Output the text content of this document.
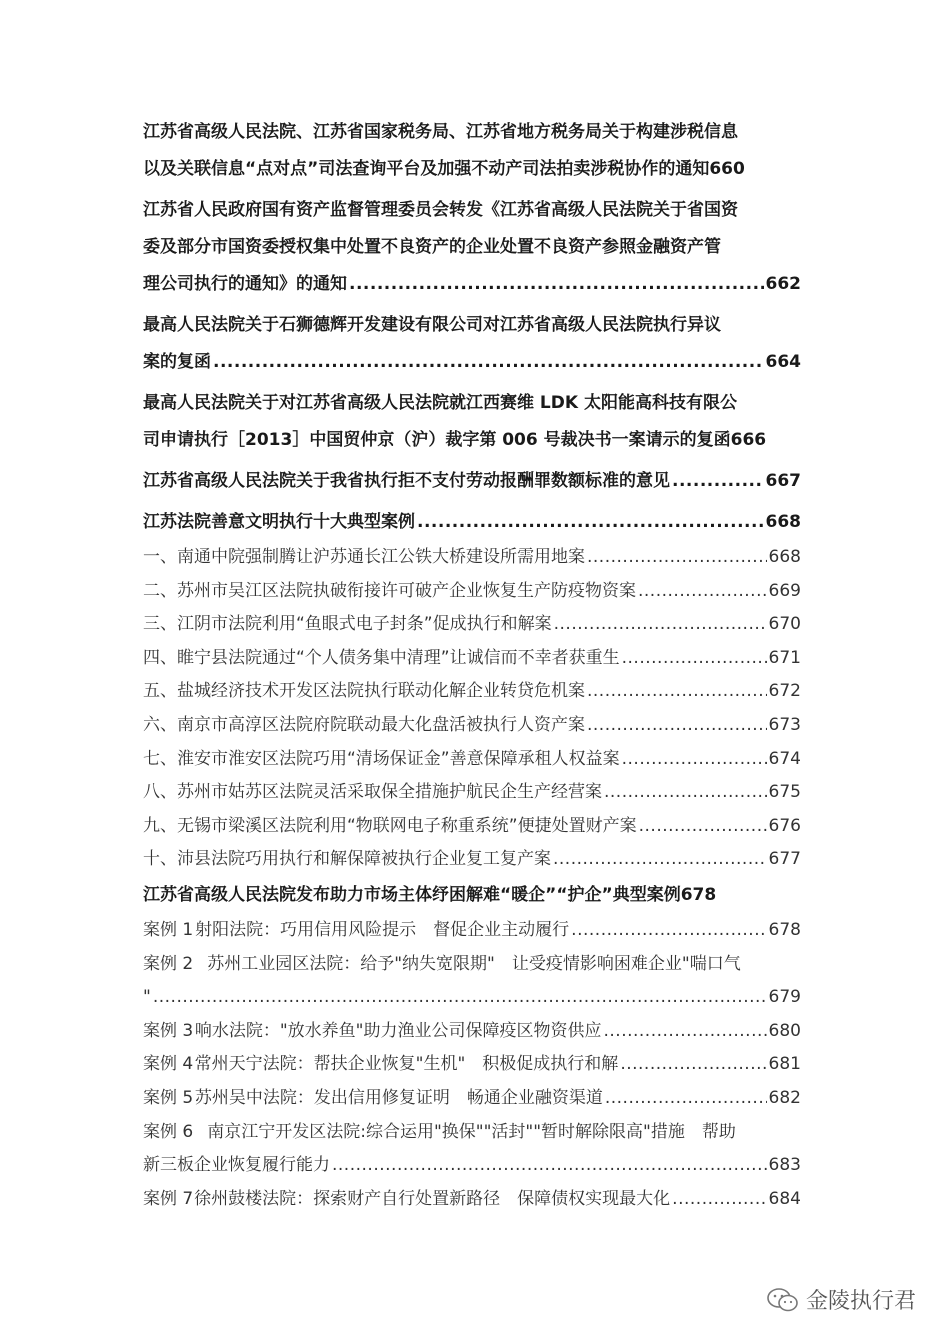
江苏省高级人民法院、江苏省国家税务局、江苏省地方税务局关于构建涉税信息
以及关联信息“点对点”司法查询平台及加强不动产司法拍卖涉税协作的通知660
江苏省人民政府国有资产监督管理委员会转发《江苏省高级人民法院关于省国资
委及部分市国资委授权集中处置不良资产的企业处置不良资产参照金融资产管
理公司执行的通知》的通知 .....	662
最高人民法院关于石狮德辉开发建设有限公司对江苏省高级人民法院执行异议
案的复函 .....	664
最高人民法院关于对江苏省高级人民法院就江西赛维 LDK 太阳能高科技有限公
司申请执行［2013］中国贸仲京（沪）裁字第 006 号裁决书一案请示的复函666
江苏省高级人民法院关于我省执行拒不支付劳动报酬罪数额标准的意见 .....	667
江苏法院善意文明执行十大典型案例 .....	668
一、南通中院强制腾让沪苏通长江公铁大桥建设所需用地案 .....	668
二、苏州市吴江区法院执破衔接许可破产企业恢复生产防疫物资案 .....	669
三、江阴市法院利用“鱼眼式电子封条”促成执行和解案 .....	670
四、睢宁县法院通过“个人债务集中清理”让诚信而不幸者获重生 .....	671
五、盐城经济技术开发区法院执行联动化解企业转贷危机案 .....	672
六、南京市高淳区法院府院联动最大化盘活被执行人资产案 .....	673
七、淮安市淮安区法院巧用“清场保证金”善意保障承租人权益案 .....	674
八、苏州市姑苏区法院灵活采取保全措施护航民企生产经营案 .....	675
九、无锡市梁溪区法院利用“物联网电子称重系统”便捷处置财产案 .....	676
十、沛县法院巧用执行和解保障被执行企业复工复产案 .....	677
江苏省高级人民法院发布助力市场主体纾困解难“暖企”“护企”典型案例678
案例 1 射阳法院：巧用信用风险提示　督促企业主动履行 .....	678
案例 2 苏州工业园区法院：给予"纳失宽限期"　让受疫情影响困难企业"喘口气
" .....	679
案例 3 响水法院："放水养鱼"助力渔业公司保障疫区物资供应 .....	680
案例 4 常州天宁法院：帮扶企业恢复"生机"　积极促成执行和解 .....	681
案例 5 苏州吴中法院：发出信用修复证明　畅通企业融资渠道 .....	682
案例 6 南京江宁开发区法院:综合运用"换保""活封""暂时解除限高"措施　帮助
新三板企业恢复履行能力 .....	683
案例 7 徐州鼓楼法院：探索财产自行处置新路径　保障债权实现最大化 .....	684
金陵执行君
